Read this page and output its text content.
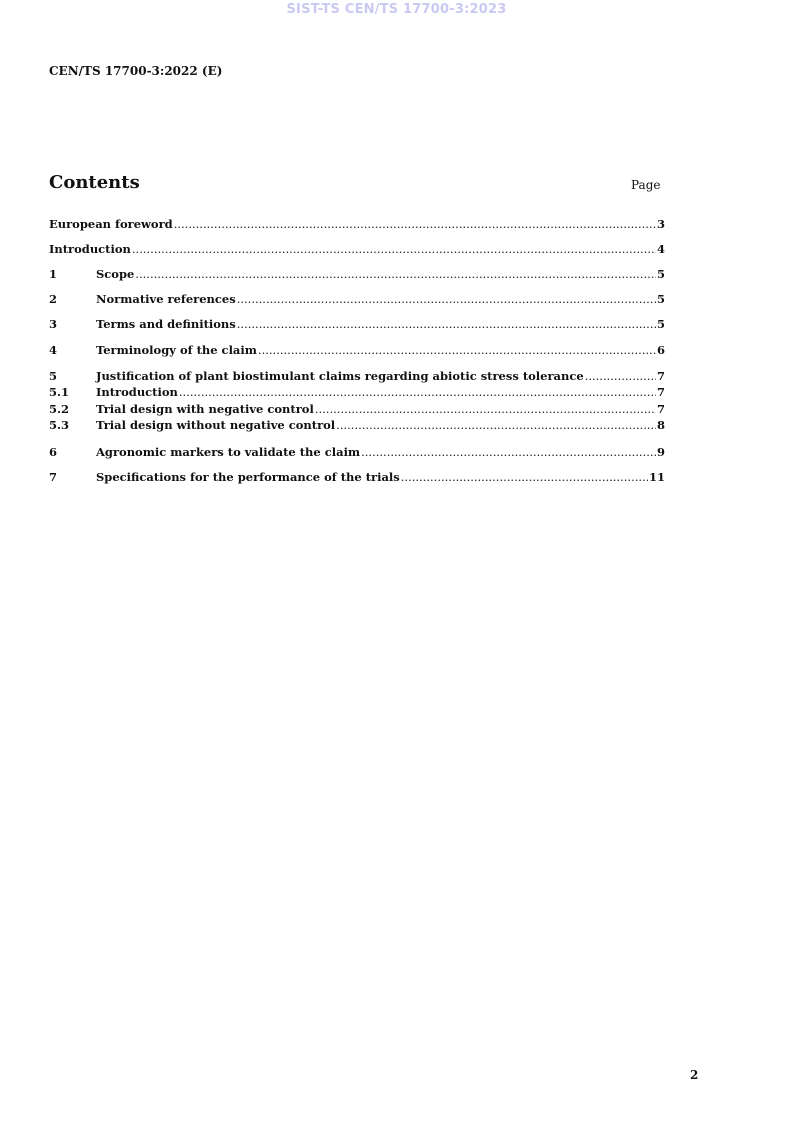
SIST-TS CEN/TS 17700-3:2023
CEN/TS 17700-3:2022 (E)
Contents	Page
European foreword .....	3
Introduction .....	4
1	Scope .....	5
2	Normative references .....	5
3	Terms and definitions .....	5
4	Terminology of the claim .....	6
5	Justification of plant biostimulant claims regarding abiotic stress tolerance .....	7
5.1	Introduction .....	7
5.2	Trial design with negative control .....	7
5.3	Trial design without negative control .....	8
6	Agronomic markers to validate the claim .....	9
7	Specifications for the performance of the trials .....	11
2
